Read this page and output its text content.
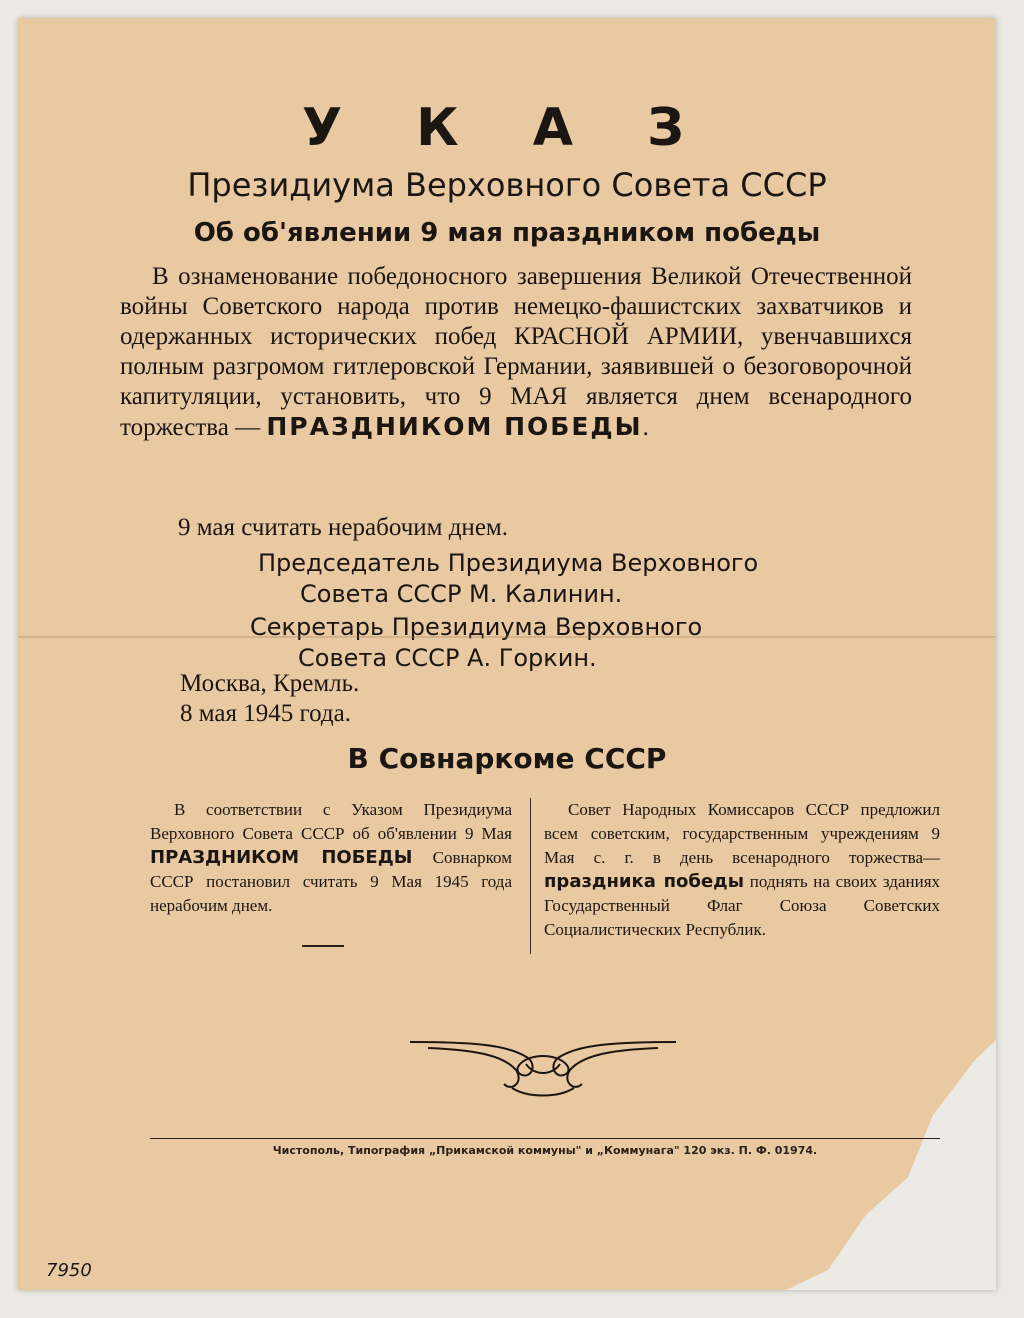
У К А З
Президиума Верховного Совета СССР
Об об'явлении 9 мая праздником победы

В ознаменование победоносного завершения Великой Отечественной войны Советского народа против немецко-фашистских захватчиков и одержанных исторических побед КРАСНОЙ АРМИИ, увенчавшихся полным разгромом гитлеровской Германии, заявившей о безоговорочной капитуляции, установить, что 9 МАЯ является днем всенародного торжества — ПРАЗДНИКОМ ПОБЕДЫ.

9 мая считать нерабочим днем.
Председатель Президиума Верховного
Совета СССР М. Калинин.
Секретарь Президиума Верховного
Совета СССР А. Горкин.
Москва, Кремль.
8 мая 1945 года.
В Совнаркоме СССР

В соответствии с Указом Президиума Верховного Совета СССР об об'явлении 9 Мая ПРАЗДНИКОМ ПОБЕДЫ Совнарком СССР постановил считать 9 Мая 1945 года нерабочим днем.

Совет Народных Комиссаров СССР предложил всем советским, государственным учреждениям 9 Мая с. г. в день всенародного торжества—праздника победы поднять на своих зданиях Государственный Флаг Союза Советских Социалистических Республик.

Чистополь, Типография „Прикамской коммуны" и „Коммунага" 120 экз. П. Ф. 01974.
7950
